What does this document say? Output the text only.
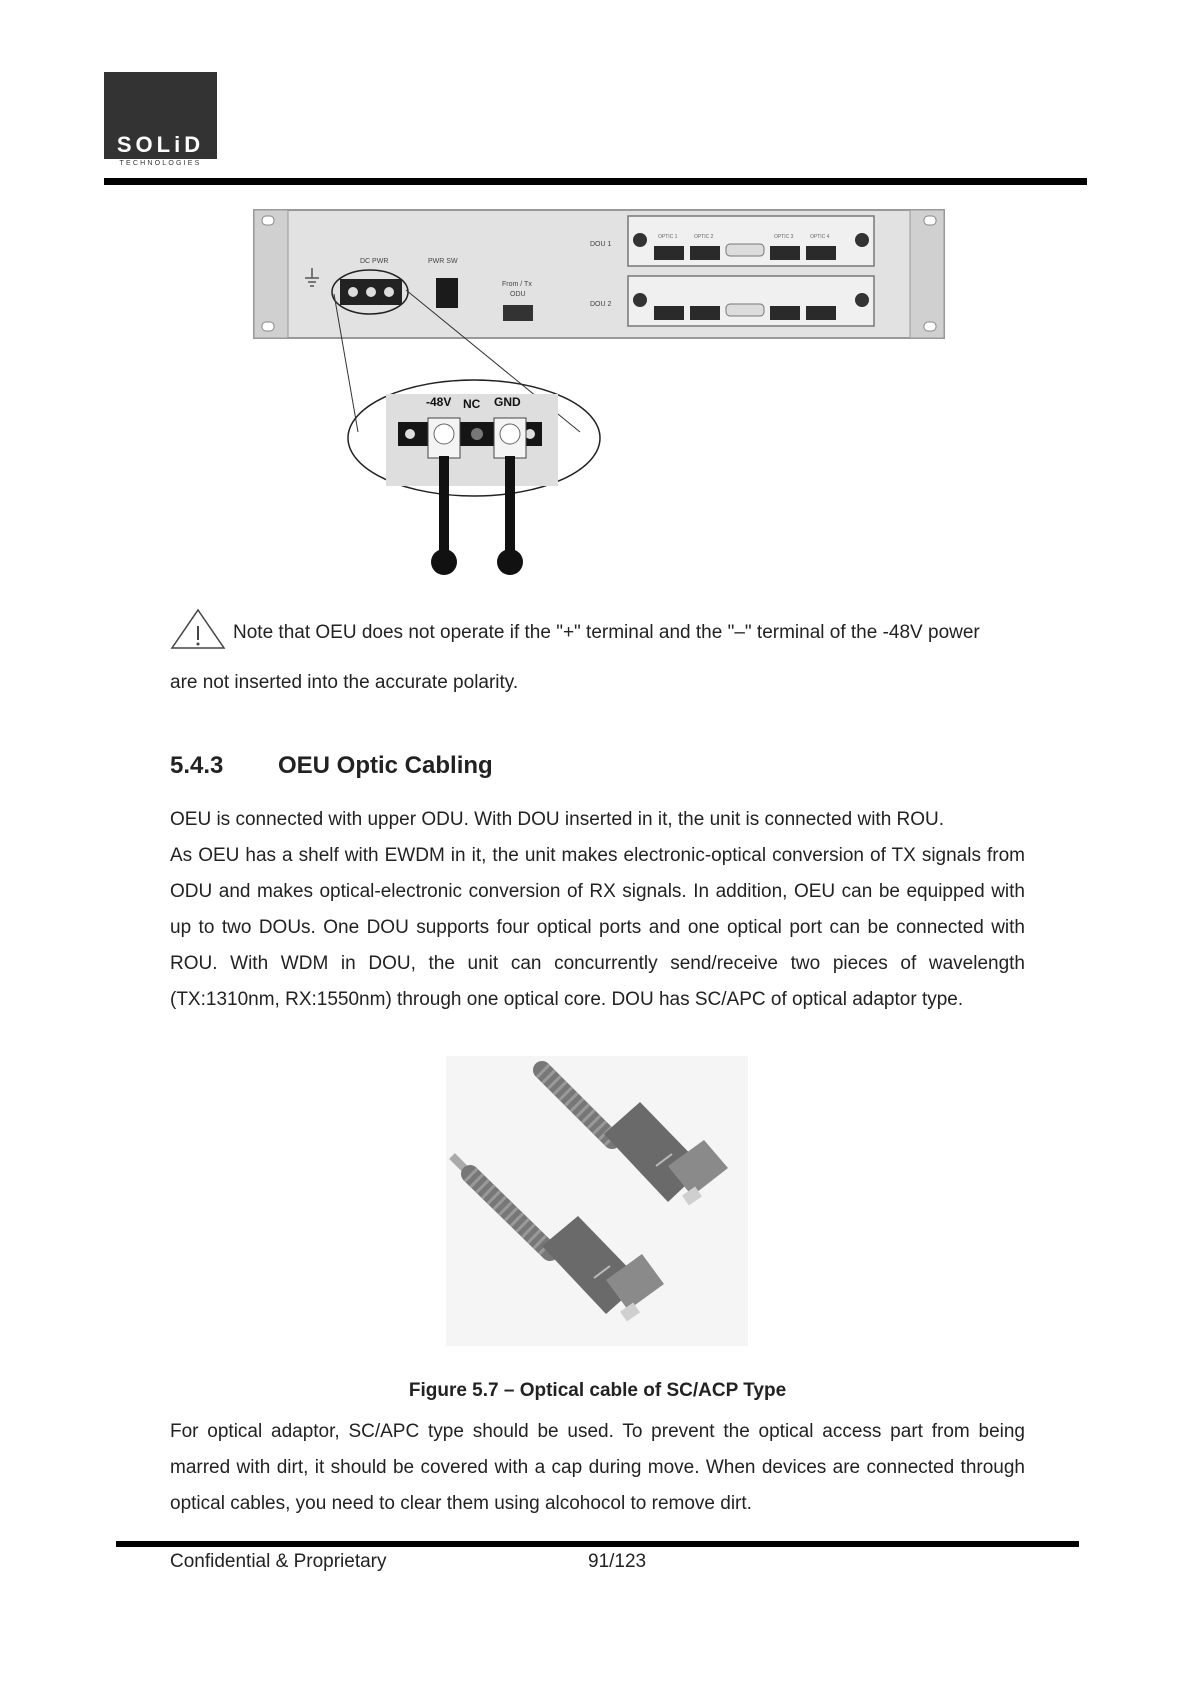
SOLiD
TECHNOLOGIES
DC PWR	PWR SW
From / Tx
ODU
DOU 1
OPTIC 1	OPTIC 2	OPTIC 3	OPTIC 4
DOU 2
-48V NC GND

Note that OEU does not operate if the "+" terminal and the "–" terminal of the -48V power

are not inserted into the accurate polarity.

5.4.3 OEU Optic Cabling

OEU is connected with upper ODU. With DOU inserted in it, the unit is connected with ROU.

As OEU has a shelf with EWDM in it, the unit makes electronic-optical conversion of TX signals from ODU and makes optical-electronic conversion of RX signals. In addition, OEU can be equipped with up to two DOUs. One DOU supports four optical ports and one optical port can be connected with ROU. With WDM in DOU, the unit can concurrently send/receive two pieces of wavelength (TX:1310nm, RX:1550nm) through one optical core. DOU has SC/APC of optical adaptor type.

Figure 5.7 – Optical cable of SC/ACP Type
For optical adaptor, SC/APC type should be used. To prevent the optical access part from being marred with dirt, it should be covered with a cap during move. When devices are connected through optical cables, you need to clear them using alcohocol to remove dirt.
Confidential & Proprietary	91/123
